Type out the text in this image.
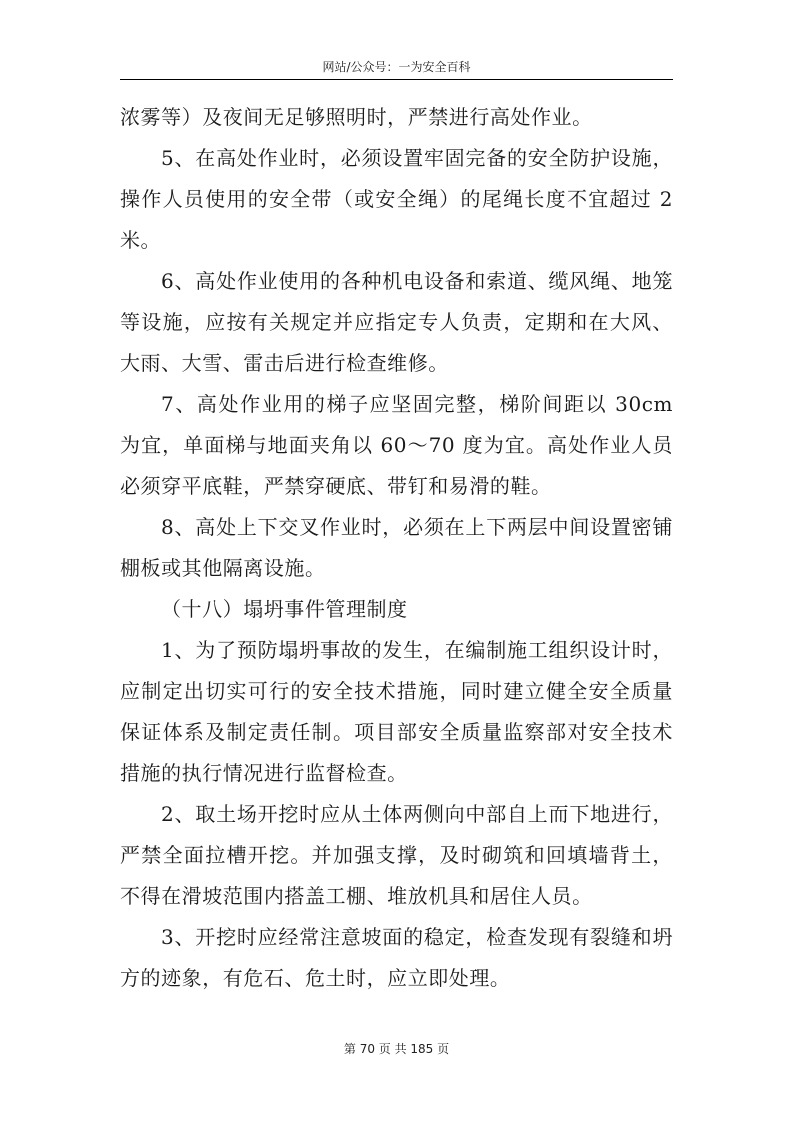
网站/公众号：一为安全百科

浓雾等）及夜间无足够照明时，严禁进行高处作业。

5、在高处作业时，必须设置牢固完备的安全防护设施，操作人员使用的安全带（或安全绳）的尾绳长度不宜超过 2 米。

6、高处作业使用的各种机电设备和索道、缆风绳、地笼等设施，应按有关规定并应指定专人负责，定期和在大风、大雨、大雪、雷击后进行检查维修。

7、高处作业用的梯子应坚固完整，梯阶间距以 30cm 为宜，单面梯与地面夹角以 60～70 度为宜。高处作业人员必须穿平底鞋，严禁穿硬底、带钉和易滑的鞋。

8、高处上下交叉作业时，必须在上下两层中间设置密铺棚板或其他隔离设施。

（十八）塌坍事件管理制度

1、为了预防塌坍事故的发生，在编制施工组织设计时，应制定出切实可行的安全技术措施，同时建立健全安全质量保证体系及制定责任制。项目部安全质量监察部对安全技术措施的执行情况进行监督检查。

2、取土场开挖时应从土体两侧向中部自上而下地进行，严禁全面拉槽开挖。并加强支撑，及时砌筑和回填墙背土，不得在滑坡范围内搭盖工棚、堆放机具和居住人员。

3、开挖时应经常注意坡面的稳定，检查发现有裂缝和坍方的迹象，有危石、危土时，应立即处理。

第 70 页 共 185 页
